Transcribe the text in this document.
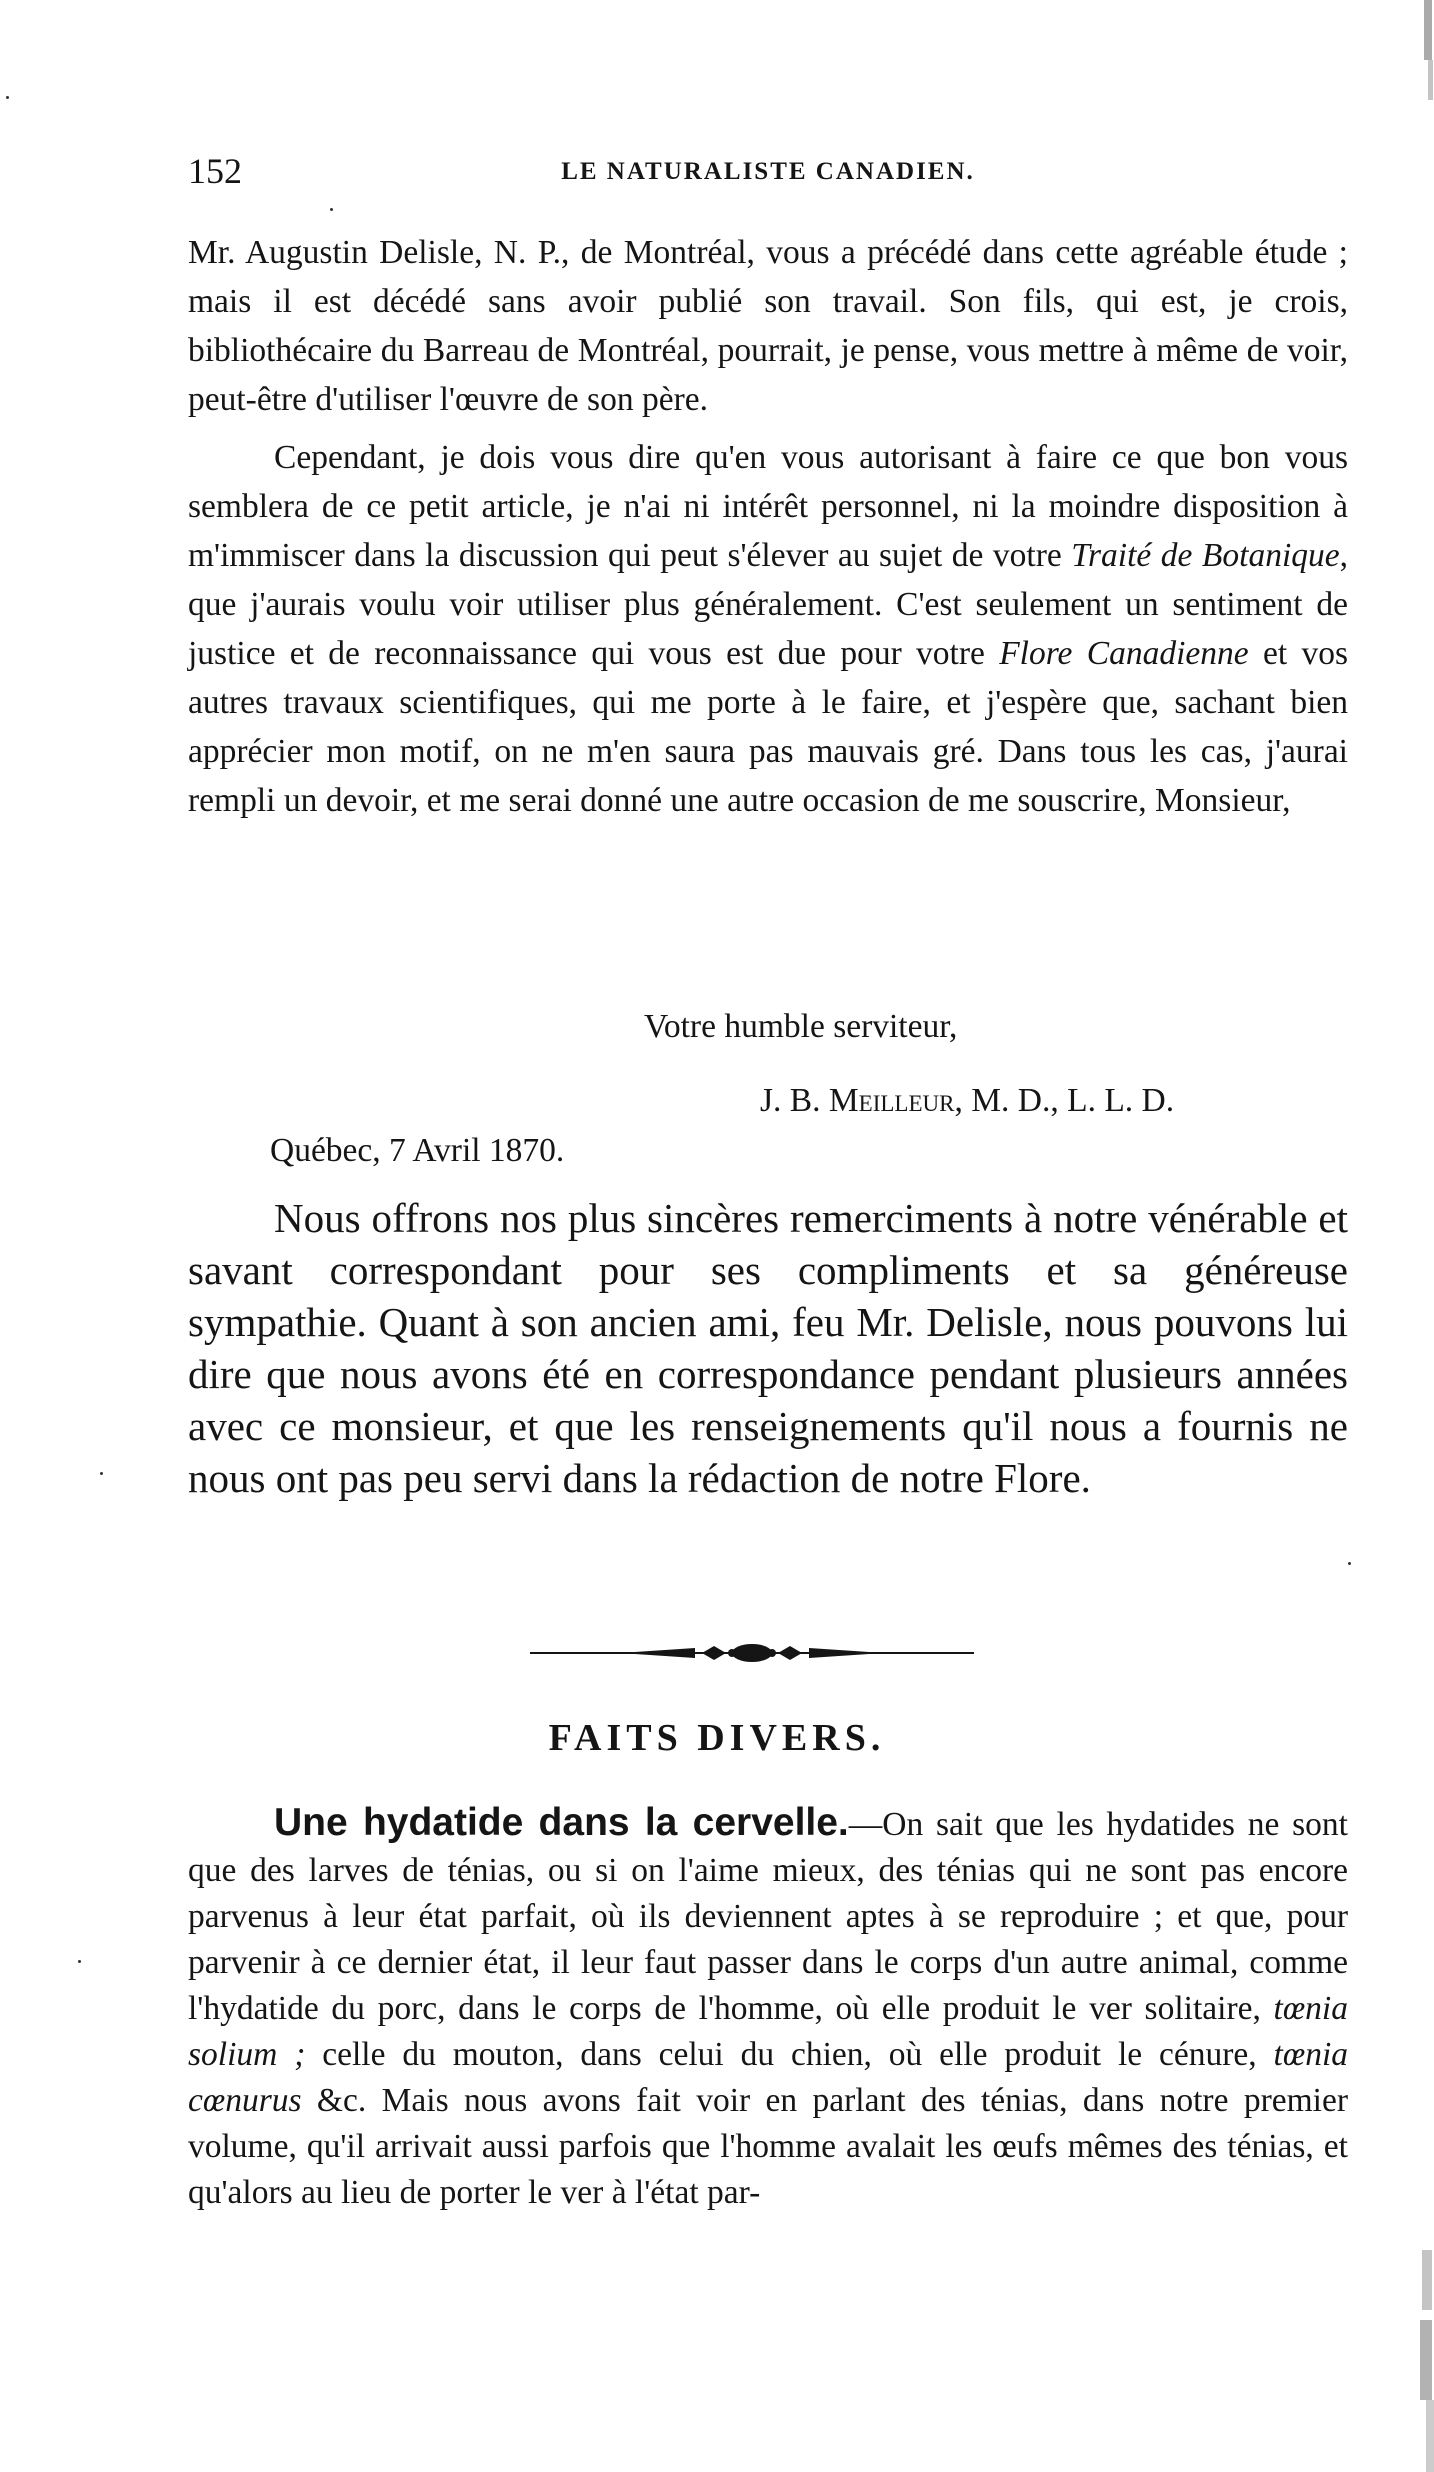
152	LE NATURALISTE CANADIEN.

Mr. Augustin Delisle, N. P., de Montréal, vous a précédé dans cette agréable étude ; mais il est décédé sans avoir publié son travail. Son fils, qui est, je crois, bibliothécaire du Barreau de Montréal, pourrait, je pense, vous mettre à même de voir, peut-être d'utiliser l'œuvre de son père.

Cependant, je dois vous dire qu'en vous autorisant à faire ce que bon vous semblera de ce petit article, je n'ai ni intérêt personnel, ni la moindre disposition à m'immiscer dans la discussion qui peut s'élever au sujet de votre Traité de Botanique, que j'aurais voulu voir utiliser plus généralement. C'est seulement un sentiment de justice et de reconnaissance qui vous est due pour votre Flore Canadienne et vos autres travaux scientifiques, qui me porte à le faire, et j'espère que, sachant bien apprécier mon motif, on ne m'en saura pas mauvais gré. Dans tous les cas, j'aurai rempli un devoir, et me serai donné une autre occasion de me souscrire, Monsieur,

Votre humble serviteur,
J. B. Meilleur, M. D., L. L. D.
Québec, 7 Avril 1870.

Nous offrons nos plus sincères remerciments à notre vénérable et savant correspondant pour ses compliments et sa généreuse sympathie. Quant à son ancien ami, feu Mr. Delisle, nous pouvons lui dire que nous avons été en correspondance pendant plusieurs années avec ce monsieur, et que les renseignements qu'il nous a fournis ne nous ont pas peu servi dans la rédaction de notre Flore.

FAITS DIVERS.

Une hydatide dans la cervelle.—On sait que les hydatides ne sont que des larves de ténias, ou si on l'aime mieux, des ténias qui ne sont pas encore parvenus à leur état parfait, où ils deviennent aptes à se reproduire ; et que, pour parvenir à ce dernier état, il leur faut passer dans le corps d'un autre animal, comme l'hydatide du porc, dans le corps de l'homme, où elle produit le ver solitaire, tœnia solium ; celle du mouton, dans celui du chien, où elle produit le cénure, tœnia cœnurus &c. Mais nous avons fait voir en parlant des ténias, dans notre premier volume, qu'il arrivait aussi parfois que l'homme avalait les œufs mêmes des ténias, et qu'alors au lieu de porter le ver à l'état par-
